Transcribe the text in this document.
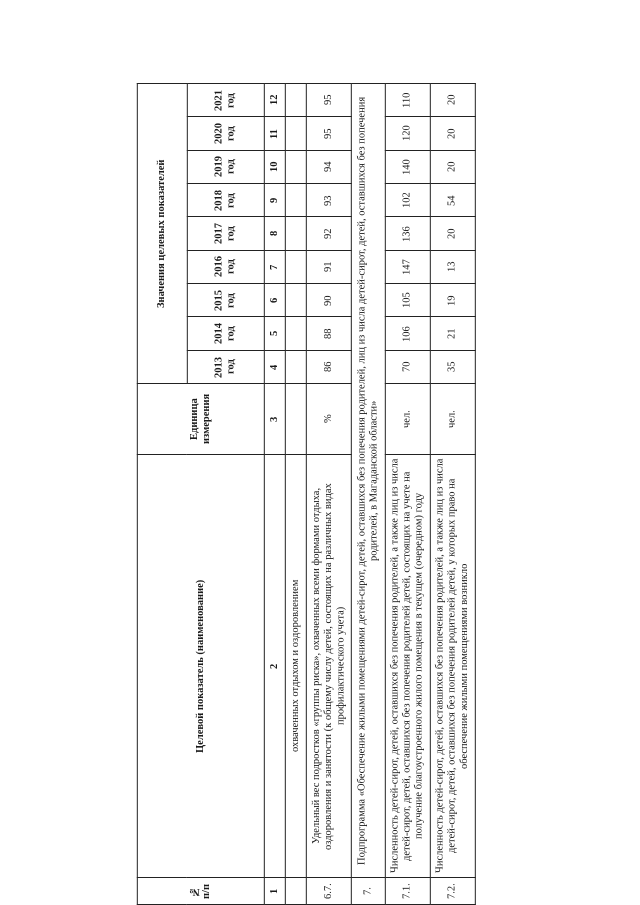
№ п/п	Целевой показатель (наименование)	Единица измерения	Значения целевых показателей
2013 год	2014 год	2015 год	2016 год	2017 год	2018 год	2019 год	2020 год	2021 год
1	2	3	4	5	6	7	8	9	10	11	12
	охваченных отдыхом и оздоровлением										
6.7.	Удельный вес подростков «группы риска», охваченных всеми формами отдыха, оздоровления и занятости (к общему числу детей, состоящих на различных видах профилактического учета)	%	86	88	90	91	92	93	94	95	95
7.	Подпрограмма «Обеспечение жилыми помещениями детей-сирот, детей, оставшихся без попечения родителей, лиц из числа детей-сирот, детей, оставшихся без попечения родителей, в Магаданской области»
7.1.	Численность детей-сирот, детей, оставшихся без попечения родителей, а также лиц из числа детей-сирот, детей, оставшихся без попечения родителей детей, состоящих на учете на получение благоустроенного жилого помещения в текущем (очередном) году	чел.	70	106	105	147	136	102	140	120	110
7.2.	Численность детей-сирот, детей, оставшихся без попечения родителей, а также лиц из числа детей-сирот, детей, оставшихся без попечения родителей детей, у которых право на обеспечение жилыми помещениями возникло	чел.	35	21	19	13	20	54	20	20	20
